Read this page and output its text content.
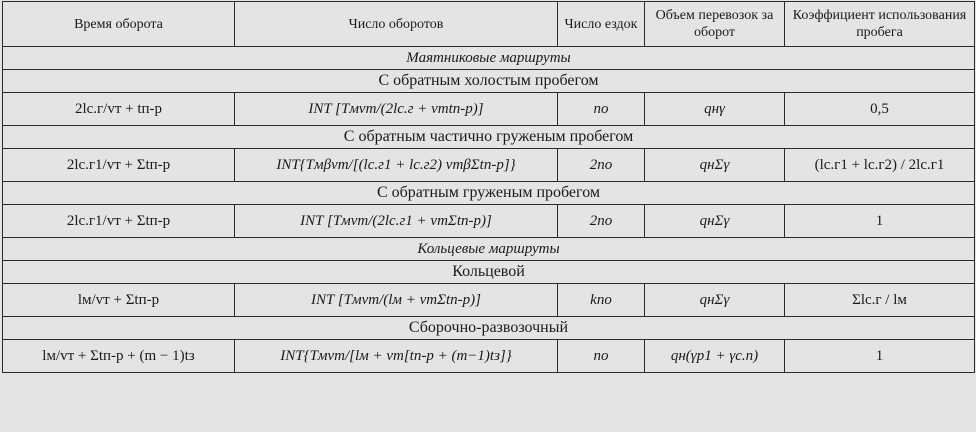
Время оборота	Число оборотов	Число ездок	Объем перевозок за оборот	Коэффициент использования пробега
Маятниковые маршруты				
С обратным холостым пробегом				
2lс.г/vт + tп-р	INT [Tмvт/(2lс.г + vтtп-р)]	nо	qнγ	0,5
С обратным частично груженым пробегом				
2lс.г1/vт + Σtп-р	INT{Tмβvт/[(lс.г1 + lс.г2) vтβΣtп-р]}	2nо	qнΣγ	(lс.г1 + lс.г2) / 2lс.г1
С обратным груженым пробегом				
2lс.г1/vт + Σtп-р	INT [Tмvт/(2lс.г1 + vтΣtп-р)]	2nо	qнΣγ	1
Кольцевые маршруты				
Кольцевой				
lм/vт + Σtп-р	INT [Tмvт/(lм + vтΣtп-р)]	knо	qнΣγ	Σlс.г / lм
Сборочно-развозочный				
lм/vт + Σtп-р + (m − 1)tз	INT{Tмvт/[lм + vт[tп-р + (m−1)tз]}	nо	qн(γр1 + γс.п)	1
